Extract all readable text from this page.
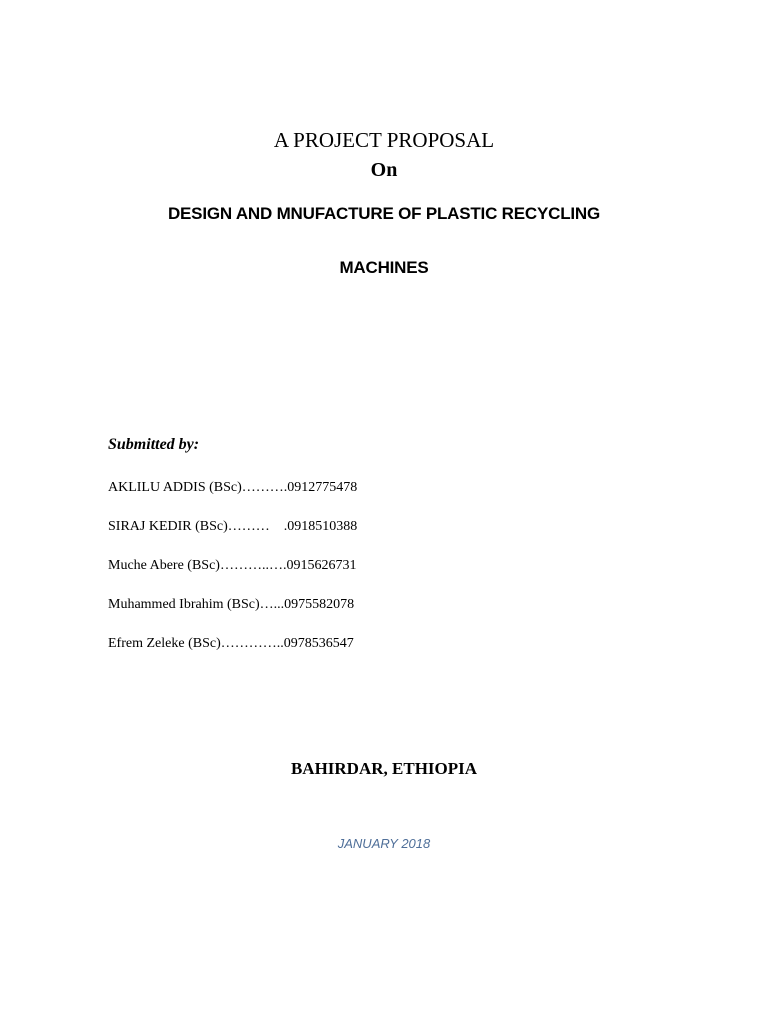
A PROJECT PROPOSAL
On
DESIGN AND MNUFACTURE OF PLASTIC RECYCLING
MACHINES
Submitted by:
AKLILU ADDIS (BSc)……….0912775478
SIRAJ KEDIR (BSc)………    .0918510388
Muche Abere (BSc)………..….0915626731
Muhammed Ibrahim (BSc)…...0975582078
Efrem Zeleke (BSc)…………..0978536547
BAHIRDAR, ETHIOPIA
JANUARY 2018
